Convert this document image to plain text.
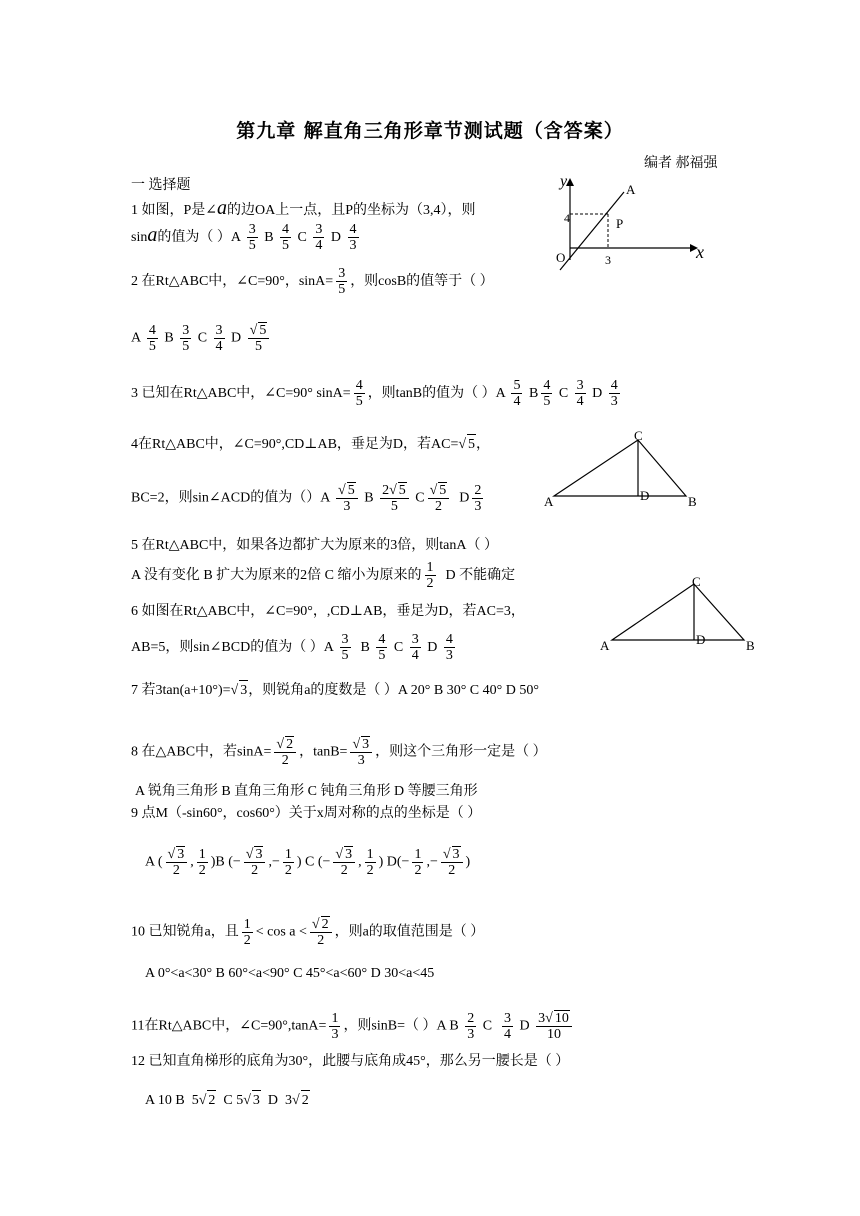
第九章 解直角三角形章节测试题（含答案）
编者 郝福强
一 选择题
1 如图，P是∠a的边OA上一点，且P的坐标为（3,4），则
sina的值为（ ）$A \frac{3}{5}$ B $\frac{4}{5}$ C $\frac{3}{4}$ D $\frac{4}{3}$
y
x
A
P
O
4
3
2 在Rt△ABC中，∠C=90°，$\sin A= \frac{3}{5}$ ，则cosB的值等于（ ）
A $\frac{4}{5}$ B $\frac{3}{5}$ C $\frac{3}{4}$ D $\frac{√ 5}{5}$
3 已知在Rt△ABC中，∠C=90° $\sin A= \frac{4}{5}$ ，则tanB的值为（ ）$A \frac{5}{4}$ B $\frac{4}{5}$ C $\frac{3}{4}$ D $\frac{4}{3}$
4在Rt△ABC中，∠C=90°,CD⊥AB，垂足为D，若AC=√ 5，
BC=2，则sin∠ACD的值为$()A \frac{√ 5}{3}$ B $\frac{2√ 5}{5}$ C $\frac{√ 5}{2}$ D $\frac{2}{3}$
C
A	D	B
5 在Rt△ABC中，如果各边都扩大为原来的3倍，则tanA（ ）
A 没有变化 B 扩大为原来的2倍 C 缩小为原来的 $\frac{1}{2}$ D 不能确定
6 如图在Rt△ABC中，∠C=90°，,CD⊥AB，垂足为D，若AC=3，
AB=5，则sin∠BCD的值为（ ）$A \frac{3}{5}$ B $\frac{4}{5}$ C $\frac{3}{4}$ D $\frac{4}{3}$
C
A	D	B
7 若3tan(a+10°)=√ 3，则锐角a的度数是（ ）A 20° B 30° C 40° D 50°
8 在△ABC中，若$\sin A= \frac{√ 2}{2}$ ，$\tan B= \frac{√ 3}{3}$ ，则这个三角形一定是（ ）
A 锐角三角形 B 直角三角形 C 钝角三角形 D 等腰三角形
9 点M（-sin60°，cos60°）关于x周对称的点的坐标是（ ）
A ( $\frac{√ 3}{2}$ , $\frac{1}{2} )B$ (− $\frac{√ 3}{2}$ ,− $\frac{1}{2}$ ) C (− $\frac{√ 3}{2}$ , $\frac{1}{2}$ ) $D(- \frac{1}{2}$ ,− $\frac{√ 3}{2}$ )
10 已知锐角a，且 $\frac{1}{2} < \cos a < \frac{√ 2}{2}$ ，则a的取值范围是（ ）
A 0°<a<30° B 60°<a<90° C 45°<a<60° D 30<a<45
11在Rt△ABC中，∠C=90°,tanA= $\frac{1}{3}$ ，则sinB=（ ）A B $\frac{2}{3}$ C $\frac{3}{4}$ D $\frac{3√ 10}{10}$
12 已知直角梯形的底角为30°，此腰与底角成45°，那么另一腰长是（ ）
A 10 B 5√ 2 C 5√ 3 D 3√ 2
